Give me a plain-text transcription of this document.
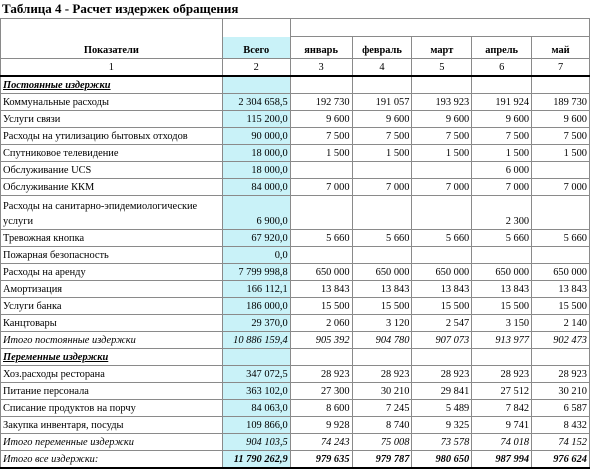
Таблица 4 - Расчет издержек обращения

Показатели	Всего	январь	февраль	март	апрель	май
1	2	3	4	5	6	7
Постоянные издержки						
Коммунальные расходы	2 304 658,5	192 730	191 057	193 923	191 924	189 730
Услуги связи	115 200,0	9 600	9 600	9 600	9 600	9 600
Расходы на утилизацию бытовых отходов	90 000,0	7 500	7 500	7 500	7 500	7 500
Спутниковое телевидение	18 000,0	1 500	1 500	1 500	1 500	1 500
Обслуживание UCS	18 000,0				6 000	
Обслуживание ККМ	84 000,0	7 000	7 000	7 000	7 000	7 000
Расходы на санитарно-эпидемиологические услуги	6 900,0				2 300	
Тревожная кнопка	67 920,0	5 660	5 660	5 660	5 660	5 660
Пожарная безопасность	0,0					
Расходы на аренду	7 799 998,8	650 000	650 000	650 000	650 000	650 000
Амортизация	166 112,1	13 843	13 843	13 843	13 843	13 843
Услуги банка	186 000,0	15 500	15 500	15 500	15 500	15 500
Канцтовары	29 370,0	2 060	3 120	2 547	3 150	2 140
Итого постоянные издержки	10 886 159,4	905 392	904 780	907 073	913 977	902 473
Переменные издержки						
Хоз.расходы ресторана	347 072,5	28 923	28 923	28 923	28 923	28 923
Питание персонала	363 102,0	27 300	30 210	29 841	27 512	30 210
Списание продуктов на порчу	84 063,0	8 600	7 245	5 489	7 842	6 587
Закупка инвентаря, посуды	109 866,0	9 928	8 740	9 325	9 741	8 432
Итого переменные издержки	904 103,5	74 243	75 008	73 578	74 018	74 152
Итого все издержки:	11 790 262,9	979 635	979 787	980 650	987 994	976 624
